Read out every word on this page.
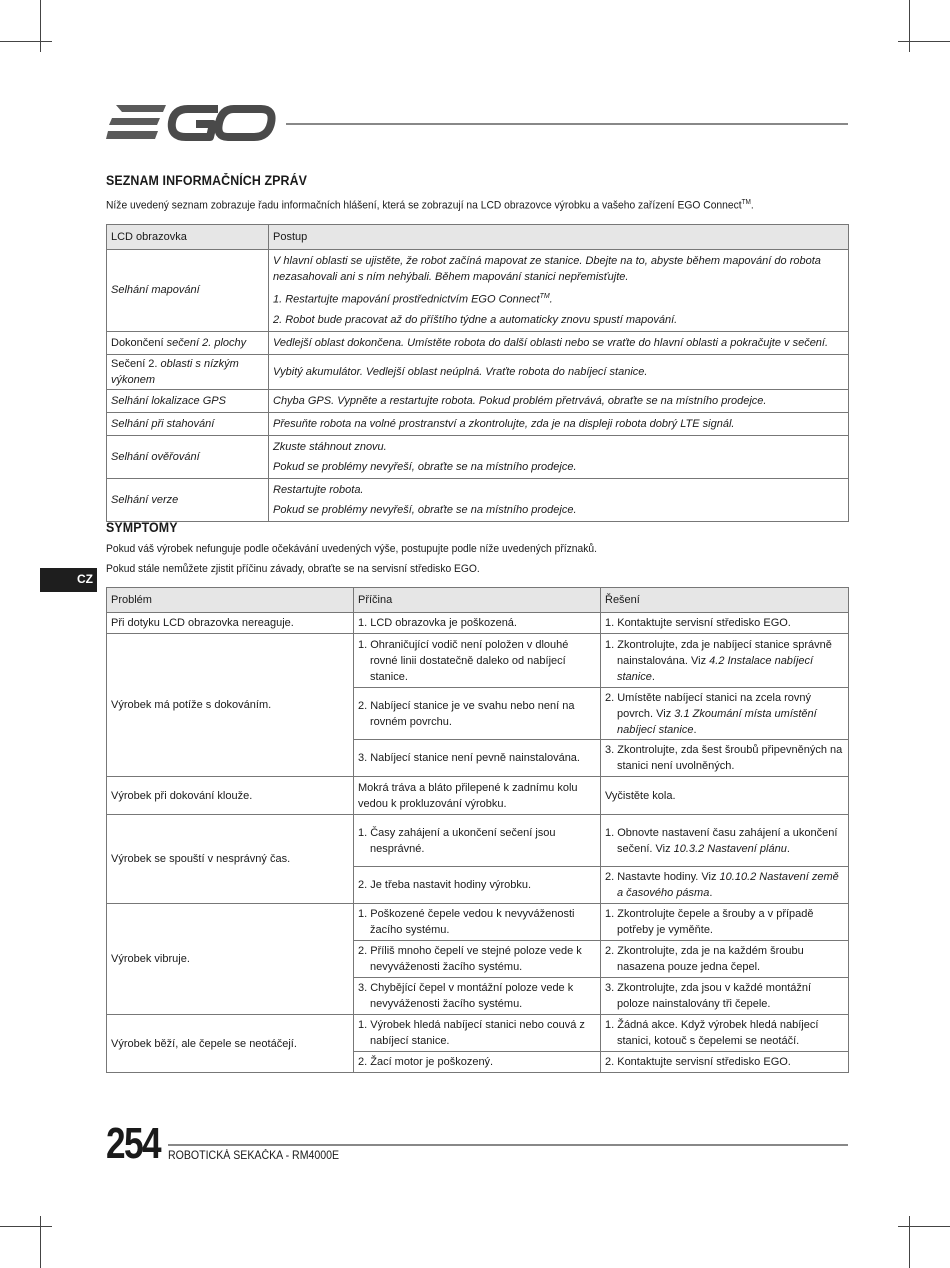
SEZNAM INFORMAČNÍCH ZPRÁV
Níže uvedený seznam zobrazuje řadu informačních hlášení, která se zobrazují na LCD obrazovce výrobku a vašeho zařízení EGO Connect™.
LCD obrazovka	Postup
Selhání mapování	V hlavní oblasti se ujistěte, že robot začíná mapovat ze stanice. Dbejte na to, abyste během mapování do robota nezasahovali ani s ním nehýbali. Během mapování stanici nepřemisťujte.
1. Restartujte mapování prostřednictvím EGO Connect™.
2. Robot bude pracovat až do příštího týdne a automaticky znovu spustí mapování.

Dokončení sečení 2. plochy	Vedlejší oblast dokončena. Umístěte robota do další oblasti nebo se vraťte do hlavní oblasti a pokračujte v sečení.
Sečení 2. oblasti s nízkým výkonem	Vybitý akumulátor. Vedlejší oblast neúplná. Vraťte robota do nabíjecí stanice.
Selhání lokalizace GPS	Chyba GPS. Vypněte a restartujte robota. Pokud problém přetrvává, obraťte se na místního prodejce.
Selhání při stahování	Přesuňte robota na volné prostranství a zkontrolujte, zda je na displeji robota dobrý LTE signál.
Selhání ověřování	Zkuste stáhnout znovu.
Pokud se problémy nevyřeší, obraťte se na místního prodejce.

Selhání verze	Restartujte robota.
Pokud se problémy nevyřeší, obraťte se na místního prodejce.
SYMPTOMY
Pokud váš výrobek nefunguje podle očekávání uvedených výše, postupujte podle níže uvedených příznaků.
Pokud stále nemůžete zjistit příčinu závady, obraťte se na servisní středisko EGO.
CZ
Problém	Příčina	Řešení
Při dotyku LCD obrazovka nereaguje.	1. LCD obrazovka je poškozená.	1. Kontaktujte servisní středisko EGO.

Výrobek má potíže s dokováním.	1. Ohraničující vodič není položen v dlouhé rovné linii dostatečně daleko od nabíjecí stanice.	1. Zkontrolujte, zda je nabíjecí stanice správně nainstalována. Viz 4.2 Instalace nabíjecí stanice.

	2. Nabíjecí stanice je ve svahu nebo není na rovném povrchu.	2. Umístěte nabíjecí stanici na zcela rovný povrch. Viz 3.1 Zkoumání místa umístění nabíjecí stanice.

	3. Nabíjecí stanice není pevně nainstalována.	3. Zkontrolujte, zda šest šroubů připevněných na stanici není uvolněných.

Výrobek při dokování klouže.	Mokrá tráva a bláto přilepené k zadnímu kolu vedou k prokluzování výrobku.	Vyčistěte kola.
Výrobek se spouští v nesprávný čas.	1. Časy zahájení a ukončení sečení jsou nesprávné.	1. Obnovte nastavení času zahájení a ukončení sečení. Viz 10.3.2 Nastavení plánu.

	2. Je třeba nastavit hodiny výrobku.	2. Nastavte hodiny. Viz 10.10.2 Nastavení země a časového pásma.

Výrobek vibruje.	1. Poškozené čepele vedou k nevyváženosti žacího systému.	1. Zkontrolujte čepele a šrouby a v případě potřeby je vyměňte.

	2. Příliš mnoho čepelí ve stejné poloze vede k nevyváženosti žacího systému.	2. Zkontrolujte, zda je na každém šroubu nasazena pouze jedna čepel.

	3. Chybějící čepel v montážní poloze vede k nevyváženosti žacího systému.	3. Zkontrolujte, zda jsou v každé montážní poloze nainstalovány tři čepele.

Výrobek běží, ale čepele se neotáčejí.	1. Výrobek hledá nabíjecí stanici nebo couvá z nabíjecí stanice.	1. Žádná akce. Když výrobek hledá nabíjecí stanici, kotouč s čepelemi se neotáčí.

	2. Žací motor je poškozený.	2. Kontaktujte servisní středisko EGO.
254 ROBOTICKÁ SEKAČKA - RM4000E
